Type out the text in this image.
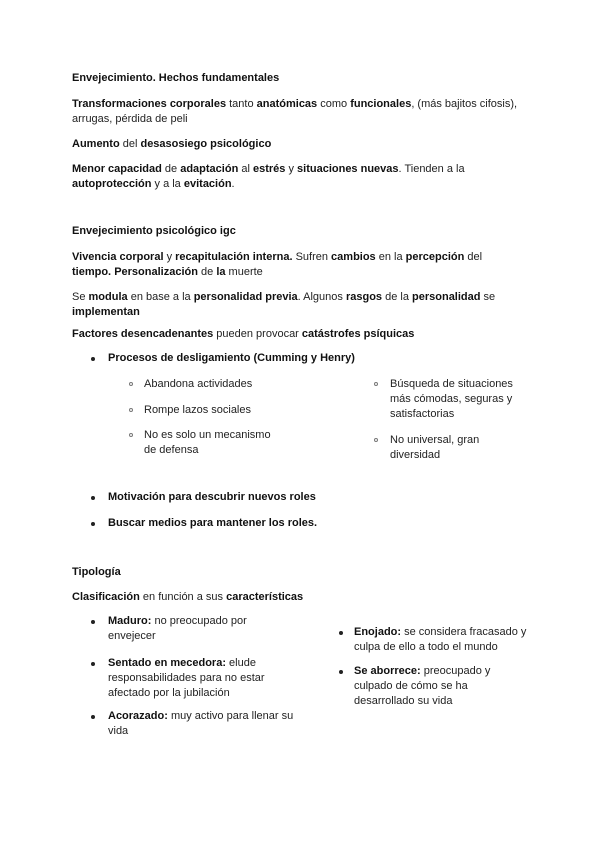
Envejecimiento. Hechos fundamentales
Transformaciones corporales tanto anatómicas como funcionales, (más bajitos cifosis), arrugas, pérdida de peli
Aumento del desasosiego psicológico
Menor capacidad de adaptación al estrés y situaciones nuevas. Tienden a la autoprotección y a la evitación.
Envejecimiento psicológico igc
Vivencia corporal y recapitulación interna. Sufren cambios en la percepción del tiempo. Personalización de la muerte
Se modula en base a la personalidad previa. Algunos rasgos de la personalidad se implementan
Factores desencadenantes pueden provocar catástrofes psíquicas
Procesos de desligamiento (Cumming y Henry)
Abandona actividades
Rompe lazos sociales
No es solo un mecanismo de defensa
Búsqueda de situaciones más cómodas, seguras y satisfactorias
No universal, gran diversidad
Motivación para descubrir nuevos roles
Buscar medios para mantener los roles.
Tipología
Clasificación en función a sus características
Maduro: no preocupado por envejecer
Sentado en mecedora: elude responsabilidades para no estar afectado por la jubilación
Acorazado: muy activo para llenar su vida
Enojado: se considera fracasado y culpa de ello a todo el mundo
Se aborrece: preocupado y culpado de cómo se ha desarrollado su vida
